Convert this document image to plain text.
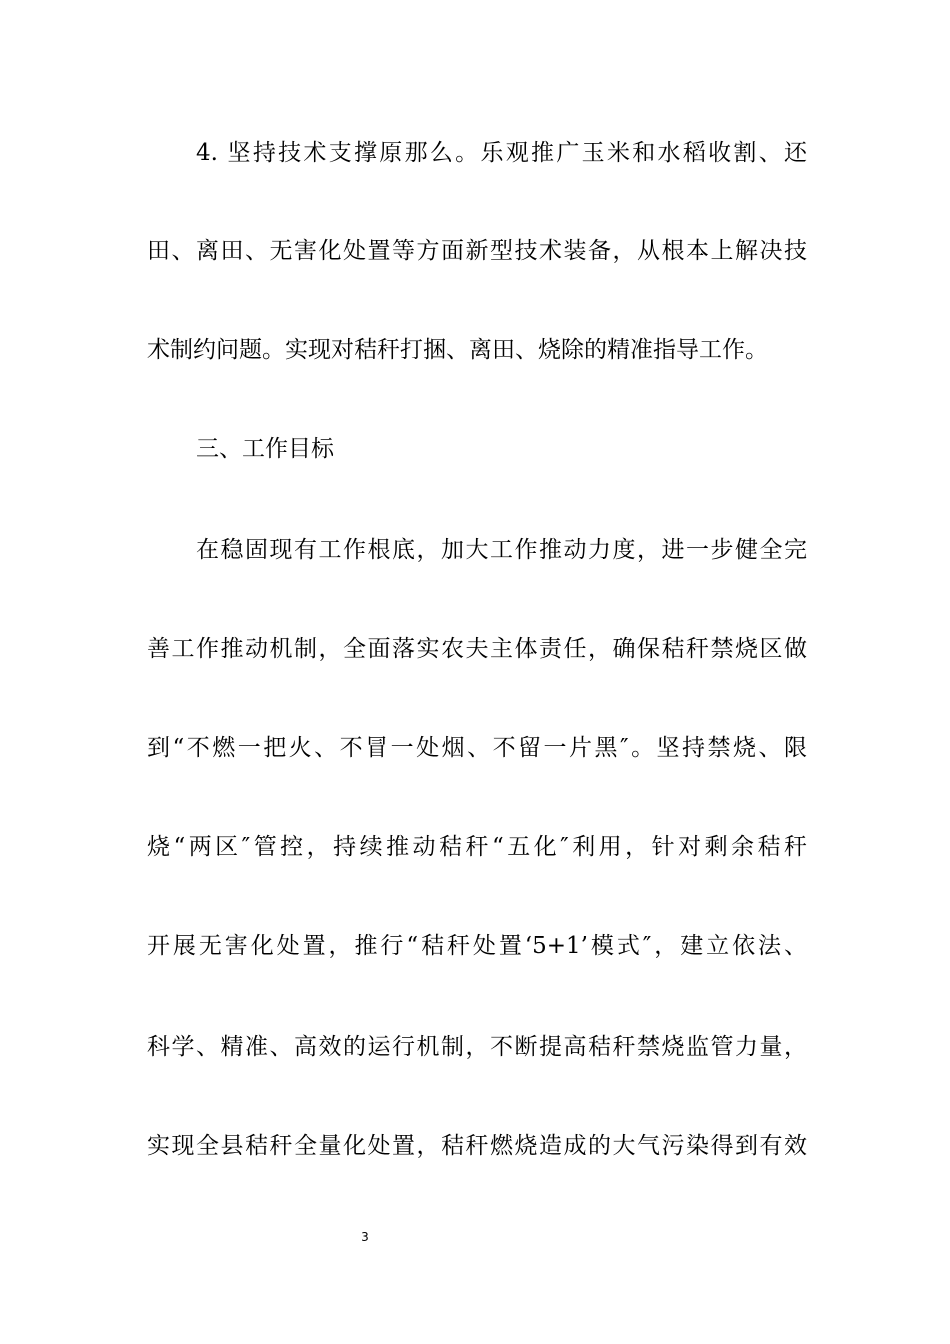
4. 坚持技术支撑原那么。乐观推广玉米和水稻收割、还
田、离田、无害化处置等方面新型技术装备，从根本上解决技
术制约问题。实现对秸秆打捆、离田、烧除的精准指导工作。
三、工作目标
在稳固现有工作根底，加大工作推动力度，进一步健全完
善工作推动机制，全面落实农夫主体责任，确保秸秆禁烧区做
到“不燃一把火、不冒一处烟、不留一片黑″。坚持禁烧、限
烧“两区″管控，持续推动秸秆“五化″利用，针对剩余秸秆
开展无害化处置，推行“秸秆处置‘5+1’模式″，建立依法、
科学、精准、高效的运行机制，不断提高秸秆禁烧监管力量，
实现全县秸秆全量化处置，秸秆燃烧造成的大气污染得到有效
3
